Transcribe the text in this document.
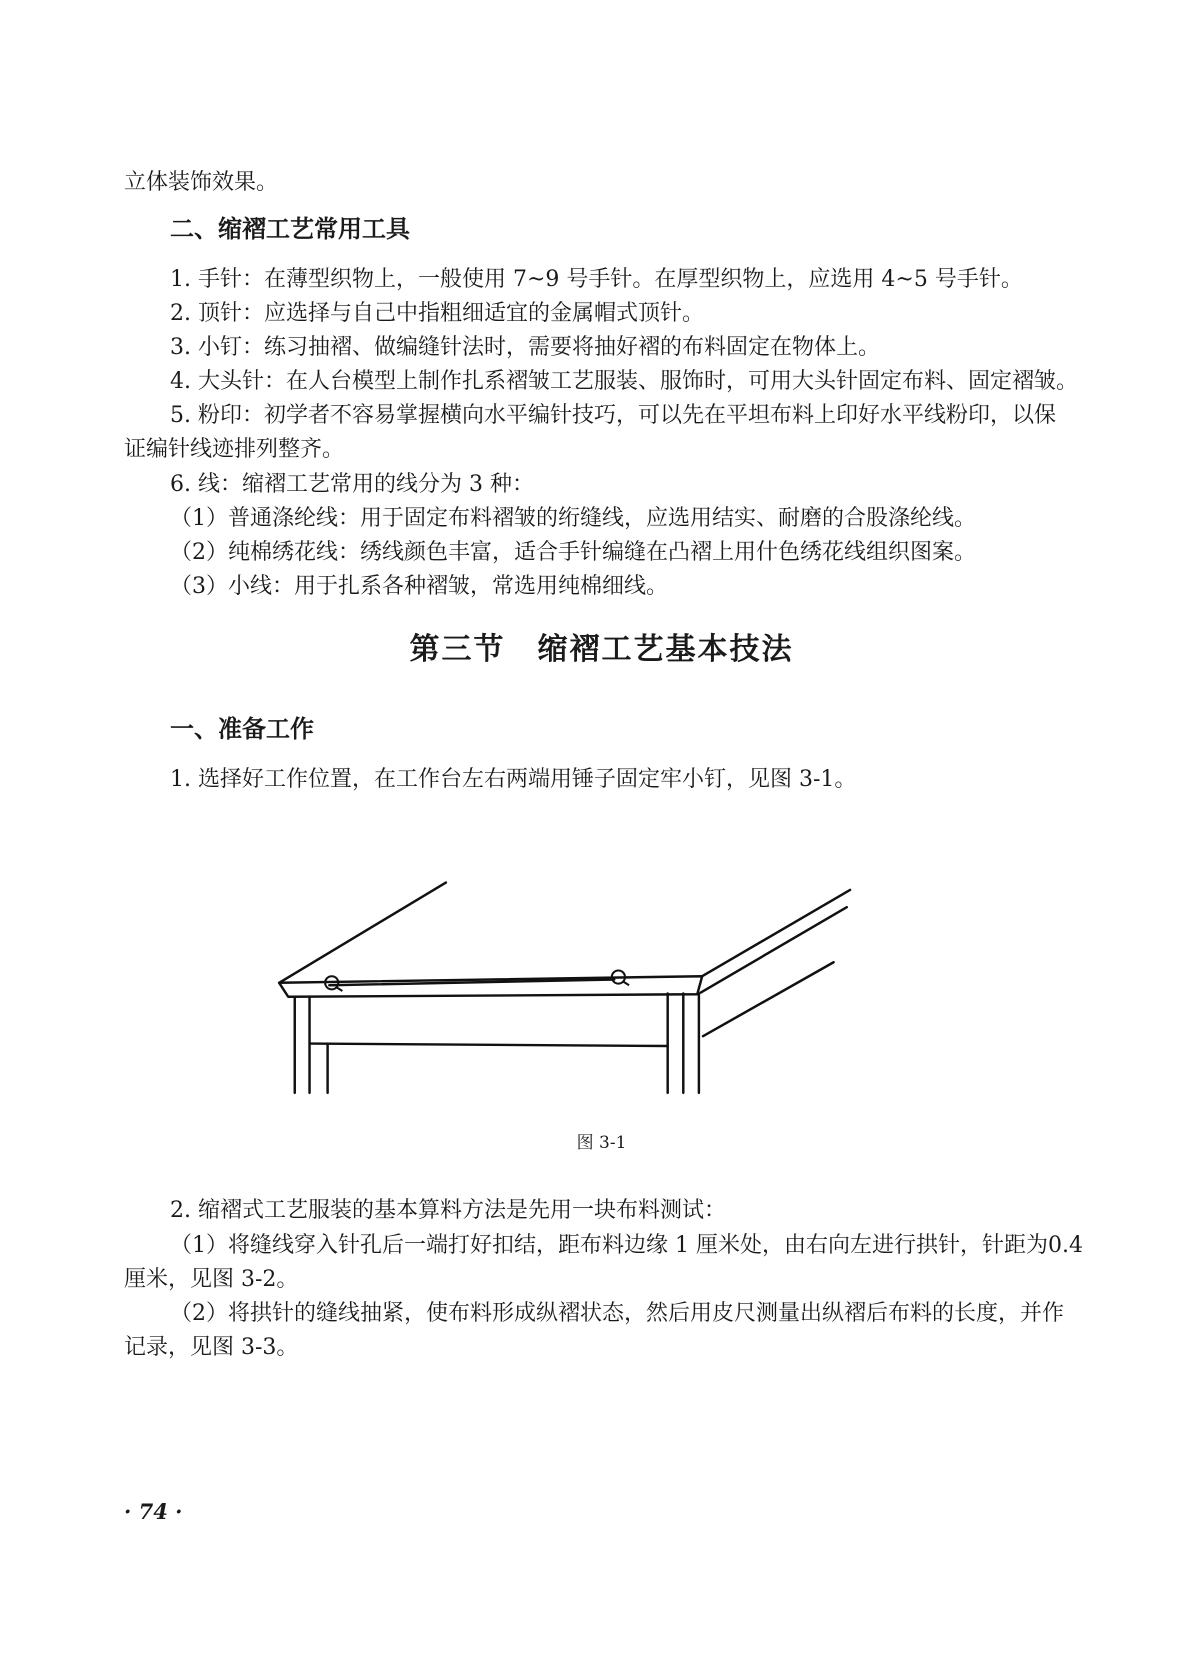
立体装饰效果。

二、缩褶工艺常用工具

1. 手针：在薄型织物上，一般使用 7~9 号手针。在厚型织物上，应选用 4~5 号手针。

2. 顶针：应选择与自己中指粗细适宜的金属帽式顶针。

3. 小钉：练习抽褶、做编缝针法时，需要将抽好褶的布料固定在物体上。

4. 大头针：在人台模型上制作扎系褶皱工艺服装、服饰时，可用大头针固定布料、固定褶皱。

5. 粉印：初学者不容易掌握横向水平编针技巧，可以先在平坦布料上印好水平线粉印，以保

证编针线迹排列整齐。

6. 线：缩褶工艺常用的线分为 3 种：

（1）普通涤纶线：用于固定布料褶皱的绗缝线，应选用结实、耐磨的合股涤纶线。

（2）纯棉绣花线：绣线颜色丰富，适合手针编缝在凸褶上用什色绣花线组织图案。

（3）小线：用于扎系各种褶皱，常选用纯棉细线。

第三节　缩褶工艺基本技法
一、准备工作

1. 选择好工作位置，在工作台左右两端用锤子固定牢小钉，见图 3-1。

图 3-1

2. 缩褶式工艺服装的基本算料方法是先用一块布料测试：

（1）将缝线穿入针孔后一端打好扣结，距布料边缘 1 厘米处，由右向左进行拱针，针距为0.4

厘米，见图 3-2。

（2）将拱针的缝线抽紧，使布料形成纵褶状态，然后用皮尺测量出纵褶后布料的长度，并作

记录，见图 3-3。

· 74 ·
